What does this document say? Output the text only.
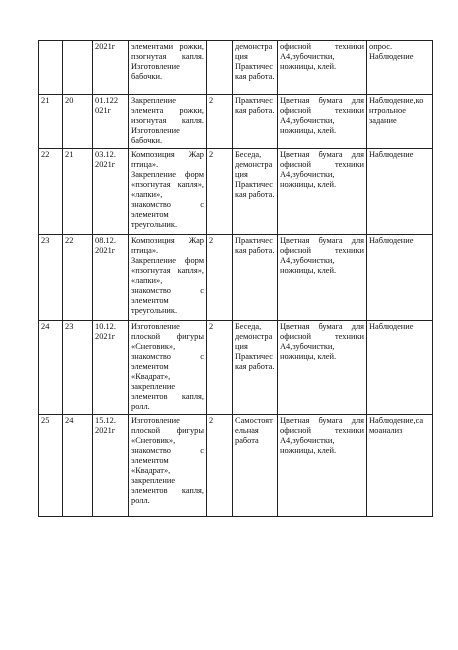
		2021г	элементами рожки, пзогнутая капля. Изготовление бабочки.		демонстра ция Практичес кая работа.	офисной техники А4,зубочистки, ножницы, клей.	опрос. Наблюдение
21	20	01.122 021г	Закрепление элемента рожки, изогнутая капля. Изготовление бабочки.	2	Практичес кая работа.	Цветная бумага для офисной техники А4,зубочистки, ножницы, клей.	Наблюдение,ко нтрольное задание
22	21	03.12. 2021г	Композиция Жар птица». Закрепление форм «пзогнутая капля», «лапки», знакомство с элементом треугольник.	2	Беседа, демонстра ция Практичес кая работа.	Цветная бумага для офисной техники А4,зубочистки, ножницы, клей.	Наблюдение
23	22	08.12. 2021г	Композиция Жар птица». Закрепление форм «пзогнутая капля», «лапки», знакомство с элементом треугольник.	2	Практичес кая работа.	Цветная бумага для офисной техники А4,зубочистки, ножницы, клей.	Наблюдение
24	23	10.12. 2021г	Изготовление плоской фигуры «Снеговик», знакомство с элементом «Квадрат», закрепление элементов капля, ролл.	2	Беседа, демонстра ция Практичес кая работа.	Цветная бумага для офисной техники А4,зубочистки, ножницы, клей.	Наблюдение
25	24	15.12. 2021г	Изготовление плоской фигуры «Снеговик», знакомство с элементом «Квадрат», закрепление элементов капля, ролл.	2	Самостоят ельная работа	Цветная бумага для офисной техники А4,зубочистки, ножницы, клей.	Наблюдение,са моанализ
